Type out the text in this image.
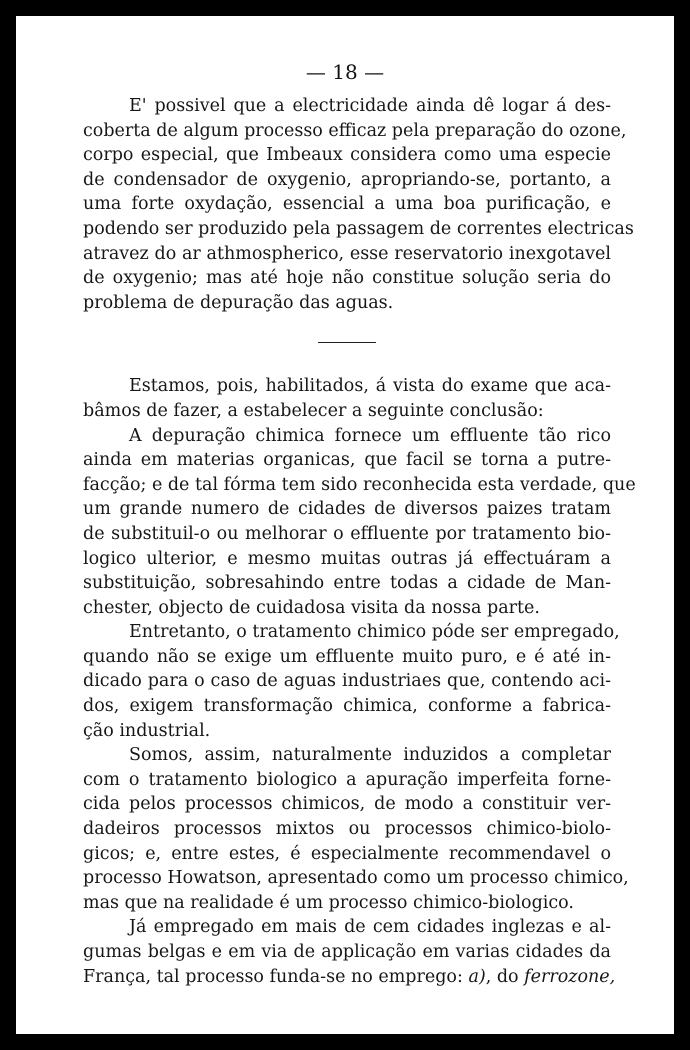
— 18 —

E' possivel que a electricidade ainda dê logar á des-
coberta de algum processo efficaz pela preparação do ozone,
corpo especial, que Imbeaux considera como uma especie
de condensador de oxygenio, apropriando-se, portanto, a
uma forte oxydação, essencial a uma boa purificação, e
podendo ser produzido pela passagem de correntes electricas
atravez do ar athmospherico, esse reservatorio inexgotavel
de oxygenio; mas até hoje não constitue solução seria do
problema de depuração das aguas.

Estamos, pois, habilitados, á vista do exame que aca-
bâmos de fazer, a estabelecer a seguinte conclusão:

A depuração chimica fornece um effluente tão rico
ainda em materias organicas, que facil se torna a putre-
facção; e de tal fórma tem sido reconhecida esta verdade, que
um grande numero de cidades de diversos paizes tratam
de substituil-o ou melhorar o effluente por tratamento bio-
logico ulterior, e mesmo muitas outras já effectuáram a
substituição, sobresahindo entre todas a cidade de Man-
chester, objecto de cuidadosa visita da nossa parte.

Entretanto, o tratamento chimico póde ser empregado,
quando não se exige um effluente muito puro, e é até in-
dicado para o caso de aguas industriaes que, contendo aci-
dos, exigem transformação chimica, conforme a fabrica-
ção industrial.

Somos, assim, naturalmente induzidos a completar
com o tratamento biologico a apuração imperfeita forne-
cida pelos processos chimicos, de modo a constituir ver-
dadeiros processos mixtos ou processos chimico-biolo-
gicos; e, entre estes, é especialmente recommendavel o
processo Howatson, apresentado como um processo chimico,
mas que na realidade é um processo chimico-biologico.

Já empregado em mais de cem cidades inglezas e al-
gumas belgas e em via de applicação em varias cidades da
França, tal processo funda-se no emprego: a), do ferrozone,
